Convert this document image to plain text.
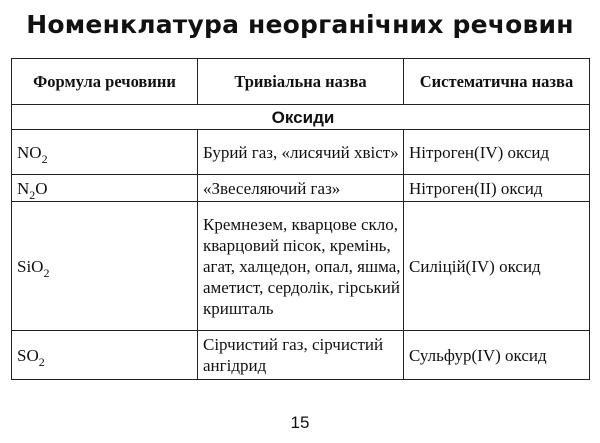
Номенклатура неорганічних речовин
Формула речовини	Тривіальна назва	Систематична назва
Оксиди		
$NO_2$	Бурий газ, «лисячий хвіст»	Нітроген(IV) оксид
$N_2O$	«Звеселяючий газ»	Нітроген(II) оксид
SiO$_2$	Кремнезем, кварцове скло, кварцовий пісок, кремінь, агат, халцедон, опал, яшма, аметист, сердолік, гірський кришталь	Силіцій(IV) оксид
$SO_2$	Сірчистий газ, сірчистий ангідрид	Сульфур(IV) оксид
15
